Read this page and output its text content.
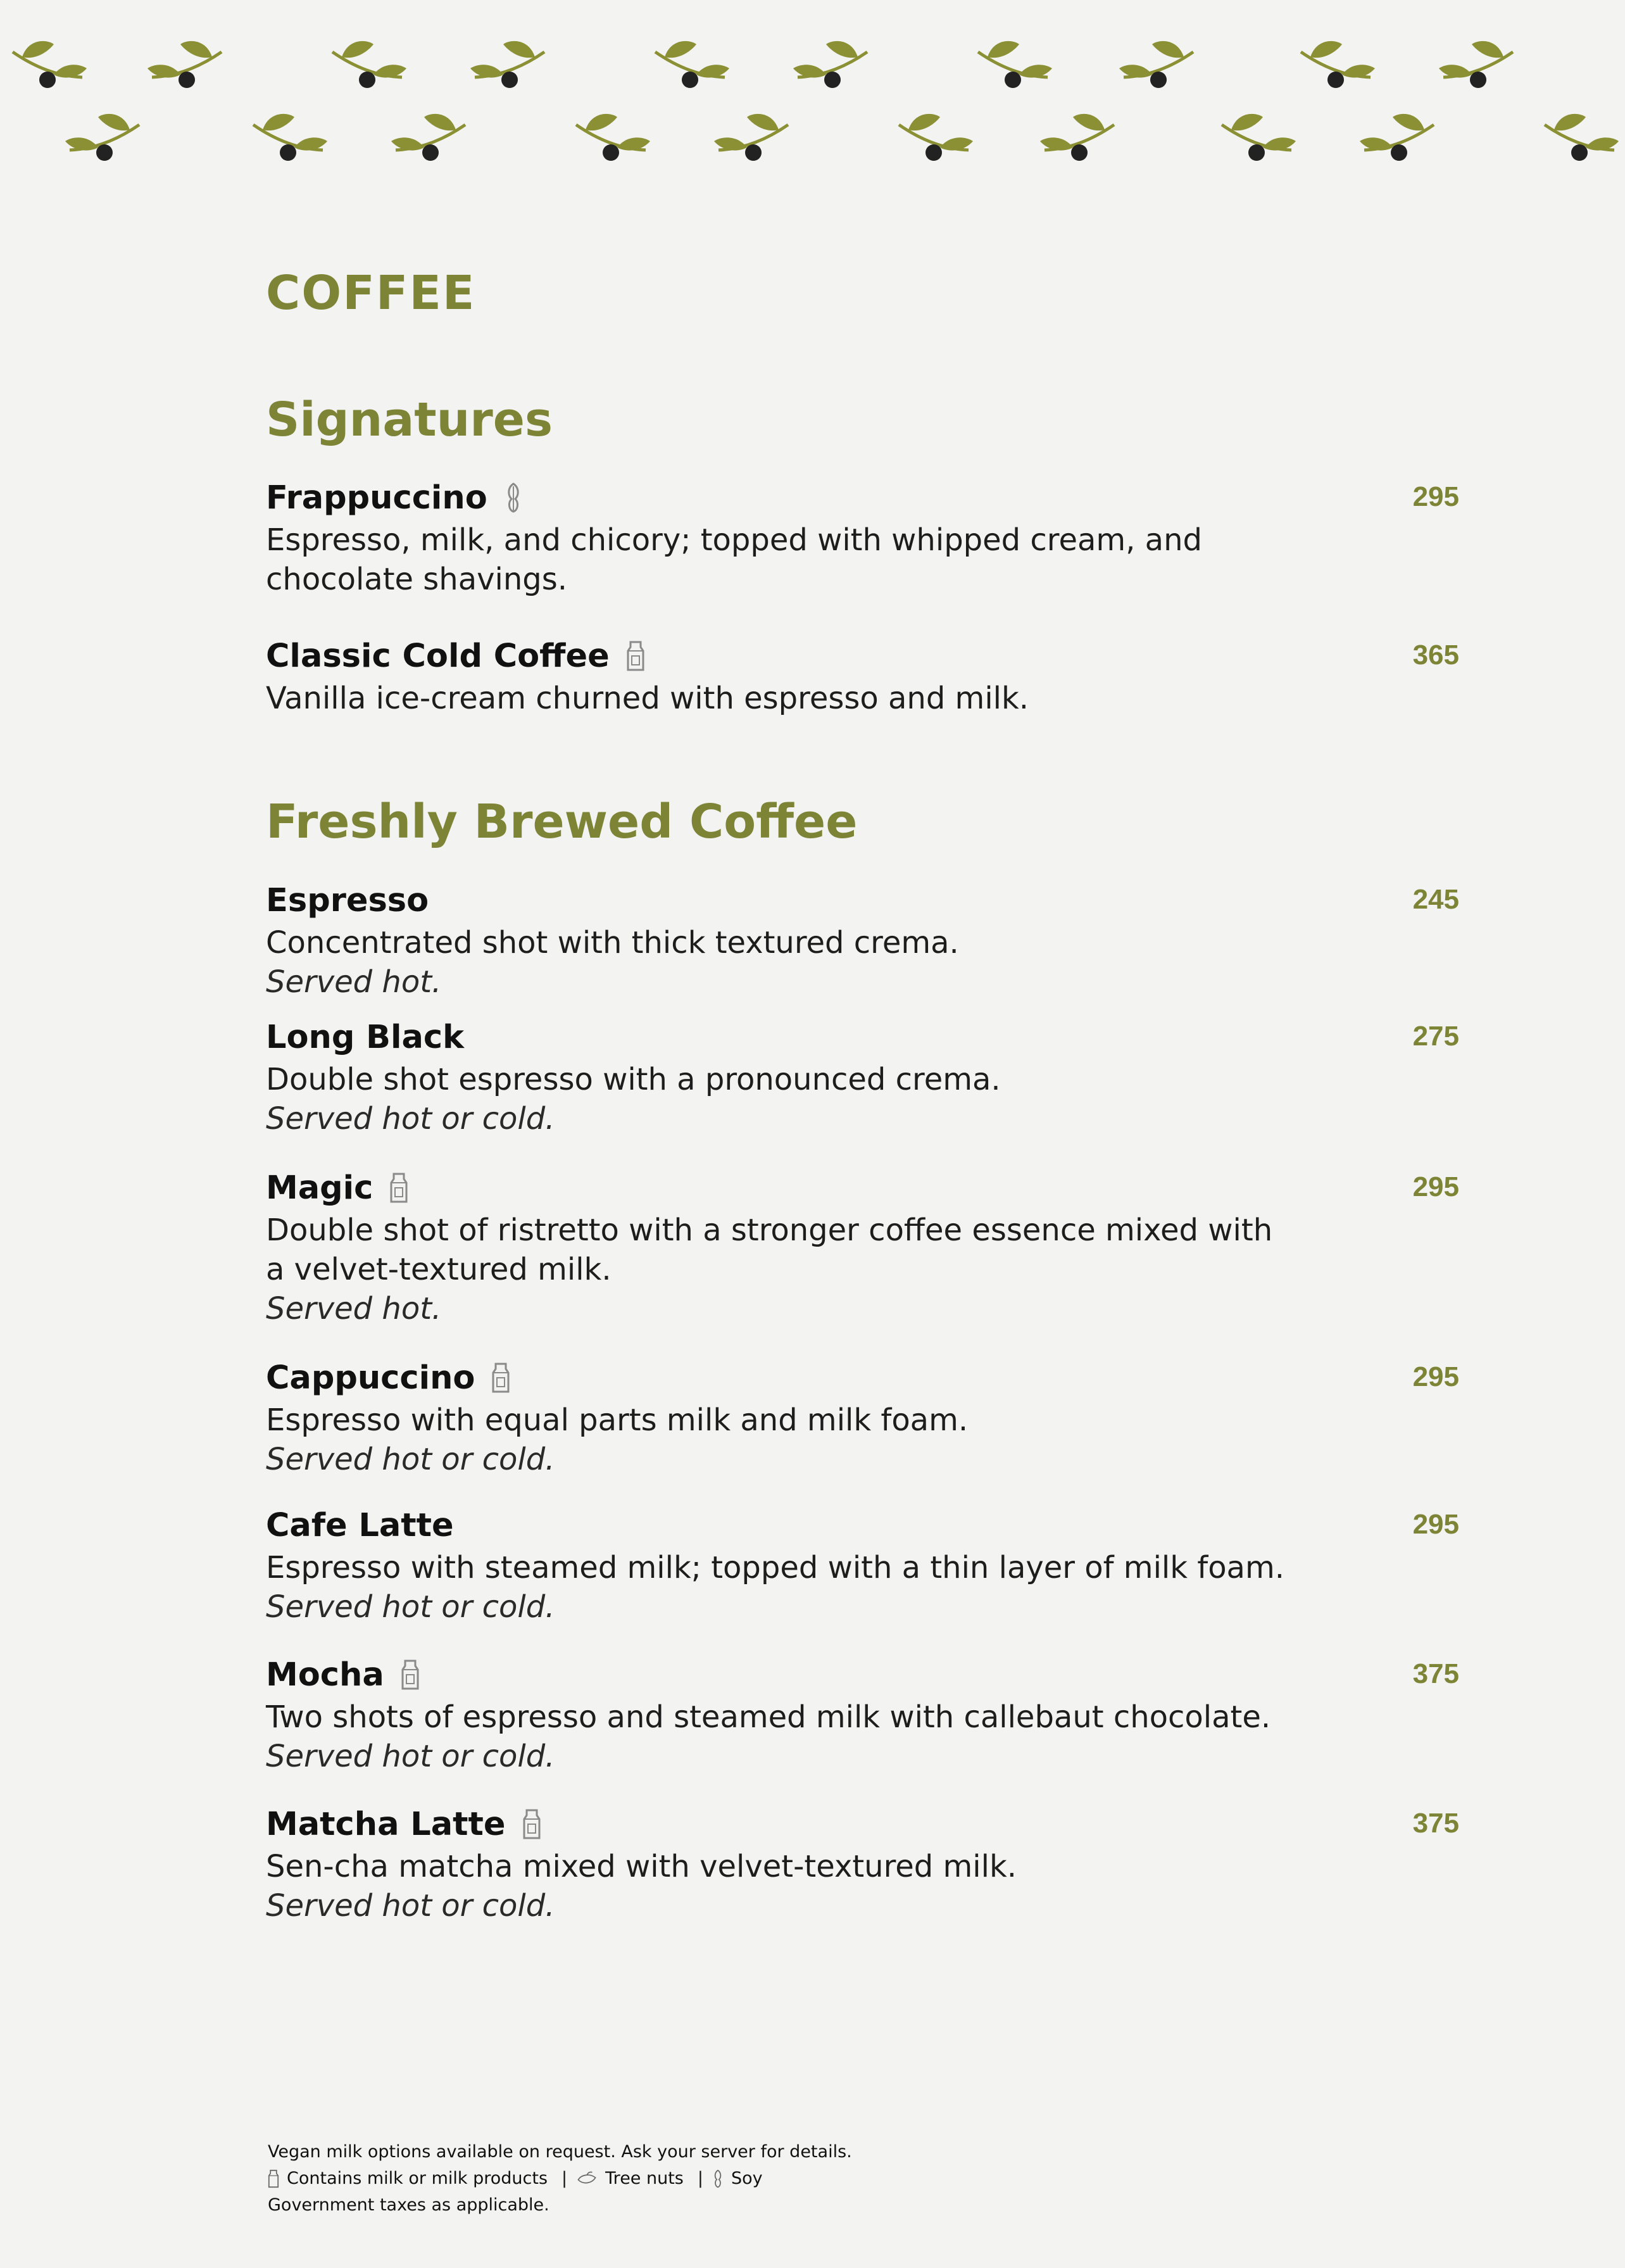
COFFEE
Signatures
Frappuccino	295
Espresso, milk, and chicory; topped with whipped cream, and chocolate shavings.
Classic Cold Coffee	365
Vanilla ice-cream churned with espresso and milk.
Freshly Brewed Coffee
Espresso	245
Concentrated shot with thick textured crema.
Served hot.
Long Black	275
Double shot espresso with a pronounced crema.
Served hot or cold.
Magic	295
Double shot of ristretto with a stronger coffee essence mixed with a velvet-textured milk.
Served hot.
Cappuccino	295
Espresso with equal parts milk and milk foam.
Served hot or cold.
Cafe Latte	295
Espresso with steamed milk; topped with a thin layer of milk foam.
Served hot or cold.
Mocha	375
Two shots of espresso and steamed milk with callebaut chocolate.
Served hot or cold.
Matcha Latte	375
Sen-cha matcha mixed with velvet-textured milk.
Served hot or cold.
Vegan milk options available on request. Ask your server for details.
Contains milk or milk products | Tree nuts | Soy
Government taxes as applicable.
